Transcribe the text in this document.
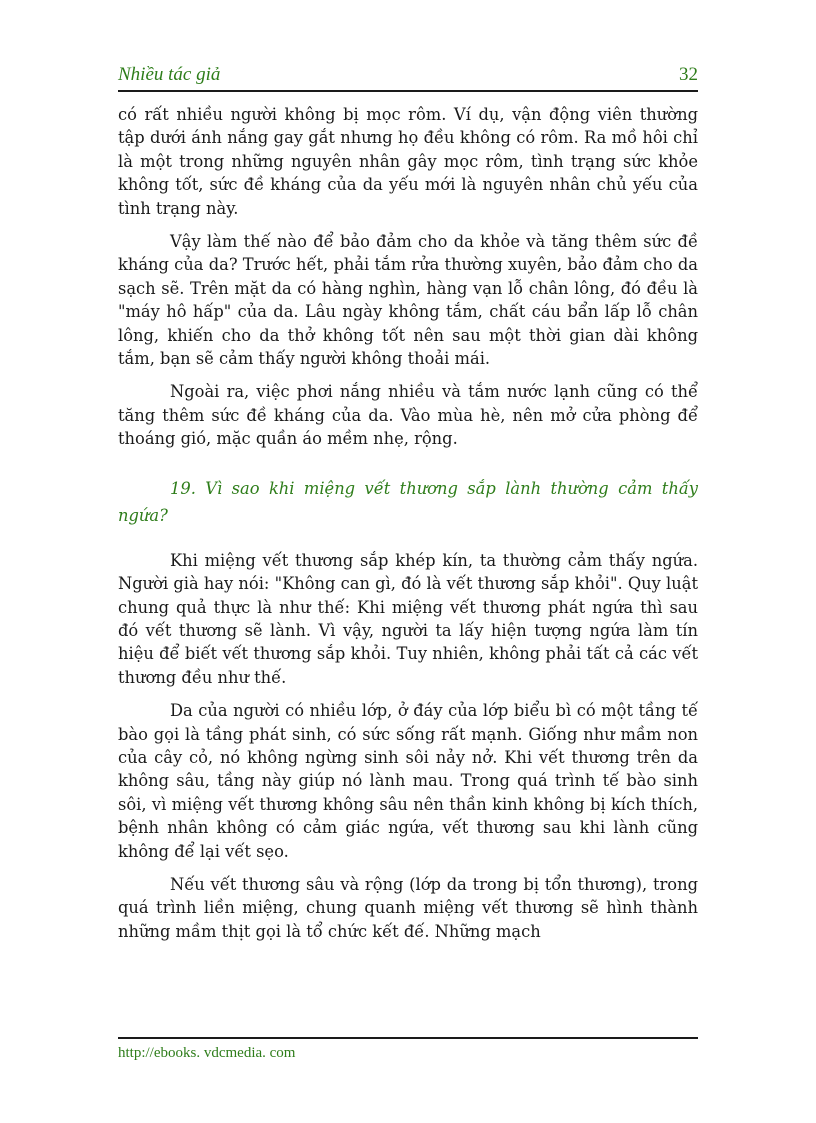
Nhiều tác giả	32

có rất nhiều người không bị mọc rôm. Ví dụ, vận động viên thường tập dưới ánh nắng gay gắt nhưng họ đều không có rôm. Ra mồ hôi chỉ là một trong những nguyên nhân gây mọc rôm, tình trạng sức khỏe không tốt, sức đề kháng của da yếu mới là nguyên nhân chủ yếu của tình trạng này.

Vậy làm thế nào để bảo đảm cho da khỏe và tăng thêm sức đề kháng của da? Trước hết, phải tắm rửa thường xuyên, bảo đảm cho da sạch sẽ. Trên mặt da có hàng nghìn, hàng vạn lỗ chân lông, đó đều là "máy hô hấp" của da. Lâu ngày không tắm, chất cáu bẩn lấp lỗ chân lông, khiến cho da thở không tốt nên sau một thời gian dài không tắm, bạn sẽ cảm thấy người không thoải mái.

Ngoài ra, việc phơi nắng nhiều và tắm nước lạnh cũng có thể tăng thêm sức đề kháng của da. Vào mùa hè, nên mở cửa phòng để thoáng gió, mặc quần áo mềm nhẹ, rộng.

19. Vì sao khi miệng vết thương sắp lành thường cảm thấy ngứa?

Khi miệng vết thương sắp khép kín, ta thường cảm thấy ngứa. Người già hay nói: "Không can gì, đó là vết thương sắp khỏi". Quy luật chung quả thực là như thế: Khi miệng vết thương phát ngứa thì sau đó vết thương sẽ lành. Vì vậy, người ta lấy hiện tượng ngứa làm tín hiệu để biết vết thương sắp khỏi. Tuy nhiên, không phải tất cả các vết thương đều như thế.

Da của người có nhiều lớp, ở đáy của lớp biểu bì có một tầng tế bào gọi là tầng phát sinh, có sức sống rất mạnh. Giống như mầm non của cây cỏ, nó không ngừng sinh sôi nảy nở. Khi vết thương trên da không sâu, tầng này giúp nó lành mau. Trong quá trình tế bào sinh sôi, vì miệng vết thương không sâu nên thần kinh không bị kích thích, bệnh nhân không có cảm giác ngứa, vết thương sau khi lành cũng không để lại vết sẹo.

Nếu vết thương sâu và rộng (lớp da trong bị tổn thương), trong quá trình liền miệng, chung quanh miệng vết thương sẽ hình thành những mầm thịt gọi là tổ chức kết đế. Những mạch

http://ebooks. vdcmedia. com
